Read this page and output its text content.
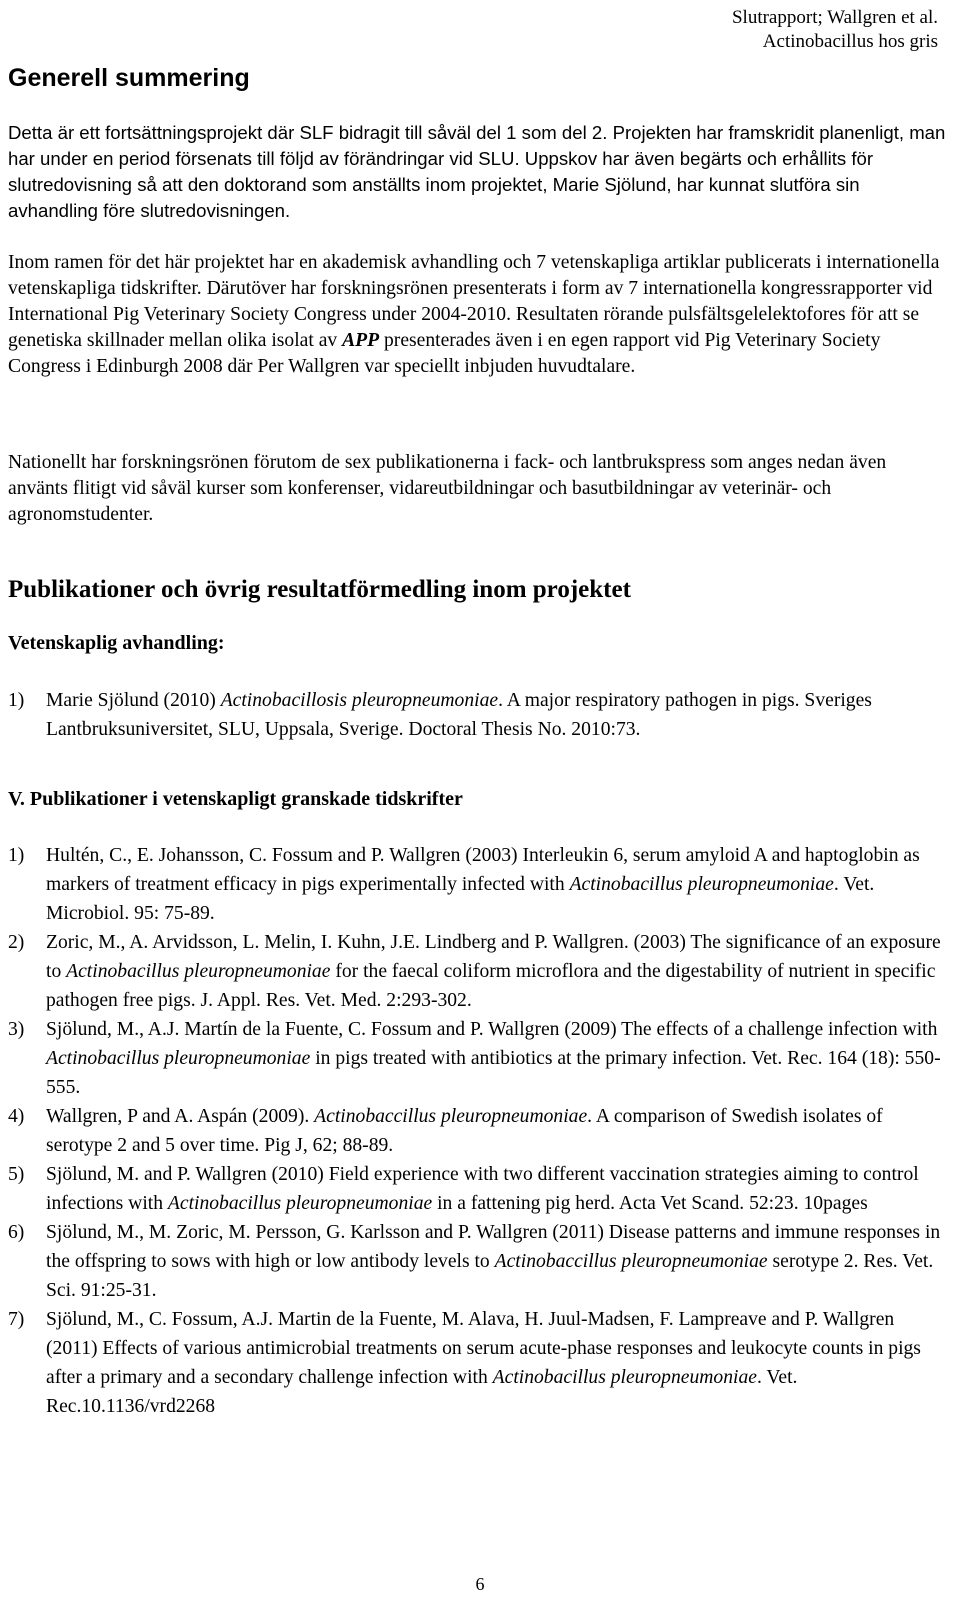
Slutrapport; Wallgren et al.
Actinobacillus hos gris
Generell summering

Detta är ett fortsättningsprojekt där SLF bidragit till såväl del 1 som del 2. Projekten har framskridit planenligt, man har under en period försenats till följd av förändringar vid SLU. Uppskov har även begärts och erhållits för slutredovisning så att den doktorand som anställts inom projektet, Marie Sjölund, har kunnat slutföra sin avhandling före slutredovisningen.

Inom ramen för det här projektet har en akademisk avhandling och 7 vetenskapliga artiklar publicerats i internationella vetenskapliga tidskrifter. Därutöver har forskningsrönen presenterats i form av 7 internationella kongressrapporter vid International Pig Veterinary Society Congress under 2004-2010. Resultaten rörande pulsfältsgelelektofores för att se genetiska skillnader mellan olika isolat av APP presenterades även i en egen rapport vid Pig Veterinary Society Congress i Edinburgh 2008 där Per Wallgren var speciellt inbjuden huvudtalare.

Nationellt har forskningsrönen förutom de sex publikationerna i fack- och lantbrukspress som anges nedan även använts flitigt vid såväl kurser som konferenser, vidareutbildningar och basutbildningar av veterinär- och agronomstudenter.

Publikationer och övrig resultatförmedling inom projektet
Vetenskaplig avhandling:
1) Marie Sjölund (2010) Actinobacillosis pleuropneumoniae. A major respiratory pathogen in pigs. Sveriges Lantbruksuniversitet, SLU, Uppsala, Sverige. Doctoral Thesis No. 2010:73.
V. Publikationer i vetenskapligt granskade tidskrifter
1) Hultén, C., E. Johansson, C. Fossum and P. Wallgren (2003) Interleukin 6, serum amyloid A and haptoglobin as markers of treatment efficacy in pigs experimentally infected with Actinobacillus pleuropneumoniae. Vet. Microbiol. 95: 75-89.
2) Zoric, M., A. Arvidsson, L. Melin, I. Kuhn, J.E. Lindberg and P. Wallgren. (2003) The significance of an exposure to Actinobacillus pleuropneumoniae for the faecal coliform microflora and the digestability of nutrient in specific pathogen free pigs. J. Appl. Res. Vet. Med. 2:293-302.
3) Sjölund, M., A.J. Martín de la Fuente, C. Fossum and P. Wallgren (2009) The effects of a challenge infection with Actinobacillus pleuropneumoniae in pigs treated with antibiotics at the primary infection. Vet. Rec. 164 (18): 550-555.
4) Wallgren, P and A. Aspán (2009). Actinobaccillus pleuropneumoniae. A comparison of Swedish isolates of serotype 2 and 5 over time. Pig J, 62; 88-89.
5) Sjölund, M. and P. Wallgren (2010) Field experience with two different vaccination strategies aiming to control infections with Actinobacillus pleuropneumoniae in a fattening pig herd. Acta Vet Scand. 52:23. 10pages
6) Sjölund, M., M. Zoric, M. Persson, G. Karlsson and P. Wallgren (2011) Disease patterns and immune responses in the offspring to sows with high or low antibody levels to Actinobaccillus pleuropneumoniae serotype 2. Res. Vet. Sci. 91:25-31.
7) Sjölund, M., C. Fossum, A.J. Martin de la Fuente, M. Alava, H. Juul-Madsen, F. Lampreave and P. Wallgren (2011) Effects of various antimicrobial treatments on serum acute-phase responses and leukocyte counts in pigs after a primary and a secondary challenge infection with Actinobacillus pleuropneumoniae. Vet. Rec.10.1136/vrd2268
6
